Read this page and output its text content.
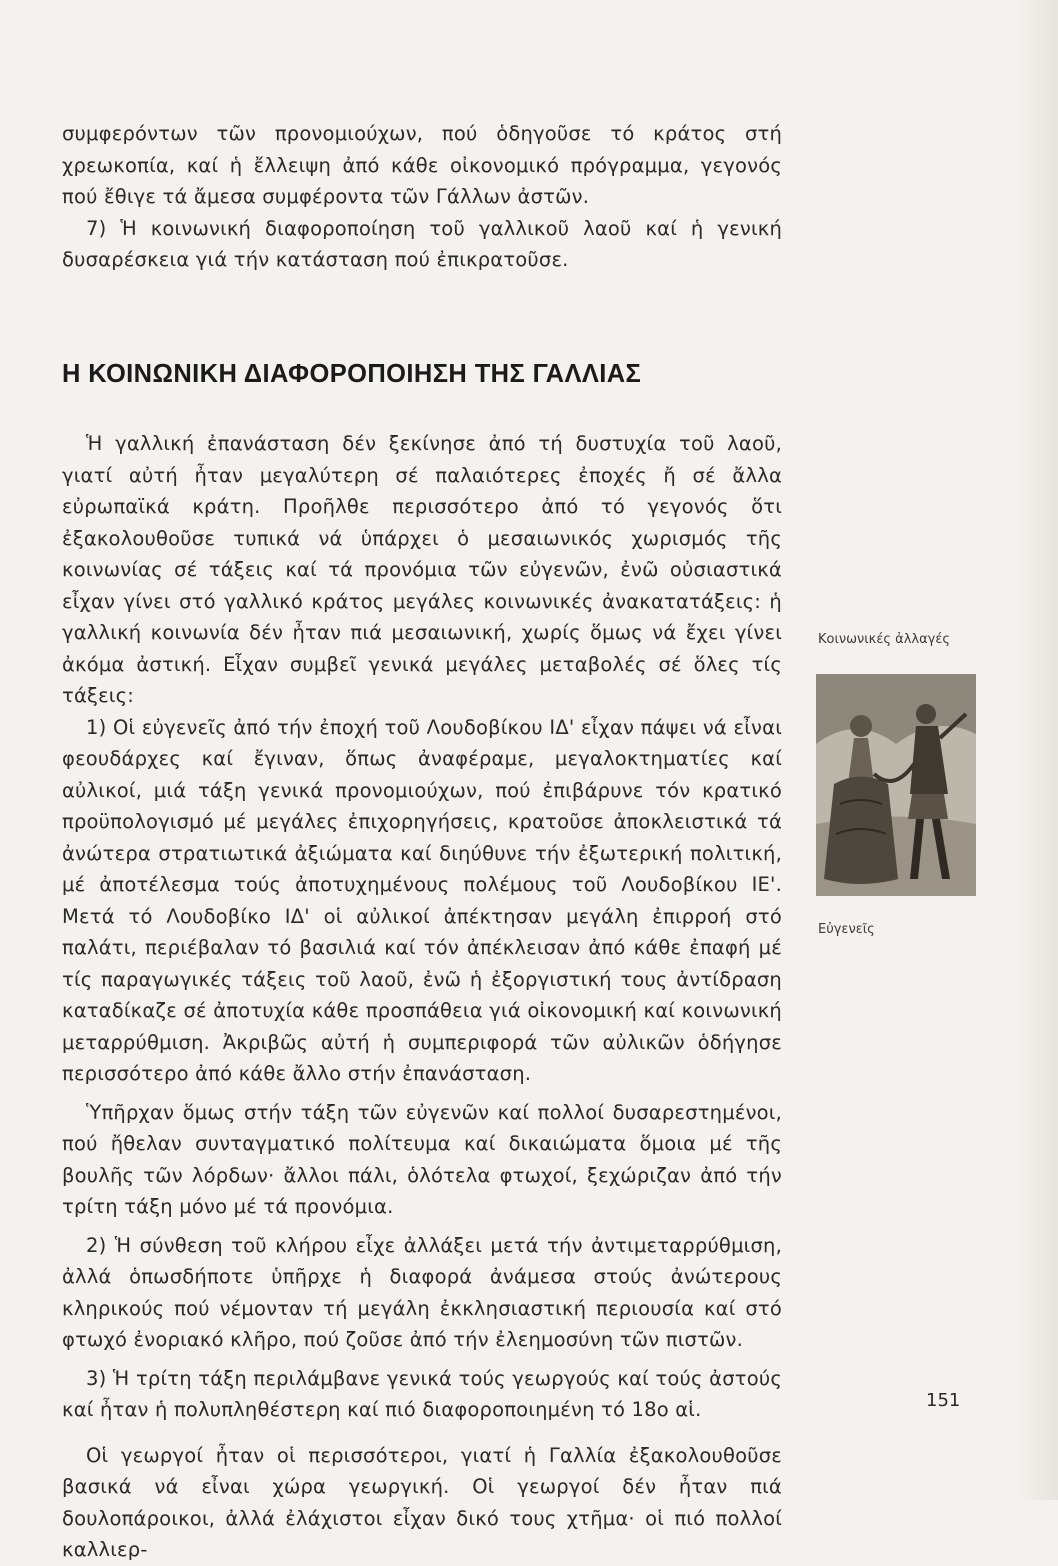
συμφερόντων τῶν προνομιούχων, πού ὁδηγοῦσε τό κράτος στή χρεωκοπία, καί ἡ ἔλλειψη ἀπό κάθε οἰκονομικό πρόγραμμα, γεγονός πού ἔθιγε τά ἄμεσα συμφέροντα τῶν Γάλλων ἀστῶν.

7) Ἡ κοινωνική διαφοροποίηση τοῦ γαλλικοῦ λαοῦ καί ἡ γενική δυσαρέσκεια γιά τήν κατάσταση πού ἐπικρατοῦσε.

Η ΚΟΙΝΩΝΙΚΗ ΔΙΑΦΟΡΟΠΟΙΗΣΗ ΤΗΣ ΓΑΛΛΙΑΣ

Ἡ γαλλική ἐπανάσταση δέν ξεκίνησε ἀπό τή δυστυχία τοῦ λαοῦ, γιατί αὐτή ἦταν μεγαλύτερη σέ παλαιότερες ἐποχές ἤ σέ ἄλλα εὐρωπαϊκά κράτη. Προῆλθε περισσότερο ἀπό τό γεγονός ὅτι ἐξακολουθοῦσε τυπικά νά ὑπάρχει ὁ μεσαιωνικός χωρισμός τῆς κοινωνίας σέ τάξεις καί τά προνόμια τῶν εὐγενῶν, ἐνῶ οὐσιαστικά εἶχαν γίνει στό γαλλικό κράτος μεγάλες κοινωνικές ἀνακατατάξεις: ἡ γαλλική κοινωνία δέν ἦταν πιά μεσαιωνική, χωρίς ὅμως νά ἔχει γίνει ἀκόμα ἀστική. Εἶχαν συμβεῖ γενικά μεγάλες μεταβολές σέ ὅλες τίς τάξεις:

1) Οἱ εὐγενεῖς ἀπό τήν ἐποχή τοῦ Λουδοβίκου ΙΔ' εἶχαν πάψει νά εἶναι φεουδάρχες καί ἔγιναν, ὅπως ἀναφέραμε, μεγαλοκτηματίες καί αὐλικοί, μιά τάξη γενικά προνομιούχων, πού ἐπιβάρυνε τόν κρατικό προϋπολογισμό μέ μεγάλες ἐπιχορηγήσεις, κρατοῦσε ἀποκλειστικά τά ἀνώτερα στρατιωτικά ἀξιώματα καί διηύθυνε τήν ἐξωτερική πολιτική, μέ ἀποτέλεσμα τούς ἀποτυχημένους πολέμους τοῦ Λουδοβίκου ΙΕ'. Μετά τό Λουδοβίκο ΙΔ' οἱ αὐλικοί ἀπέκτησαν μεγάλη ἐπιρροή στό παλάτι, περιέβαλαν τό βασιλιά καί τόν ἀπέκλεισαν ἀπό κάθε ἐπαφή μέ τίς παραγωγικές τάξεις τοῦ λαοῦ, ἐνῶ ἡ ἐξοργιστική τους ἀντίδραση καταδίκαζε σέ ἀποτυχία κάθε προσπάθεια γιά οἰκονομική καί κοινωνική μεταρρύθμιση. Ἀκριβῶς αὐτή ἡ συμπεριφορά τῶν αὐλικῶν ὁδήγησε περισσότερο ἀπό κάθε ἄλλο στήν ἐπανάσταση.

Ὑπῆρχαν ὅμως στήν τάξη τῶν εὐγενῶν καί πολλοί δυσαρεστημένοι, πού ἤθελαν συνταγματικό πολίτευμα καί δικαιώματα ὅμοια μέ τῆς βουλῆς τῶν λόρδων· ἄλλοι πάλι, ὁλότελα φτωχοί, ξεχώριζαν ἀπό τήν τρίτη τάξη μόνο μέ τά προνόμια.

2) Ἡ σύνθεση τοῦ κλήρου εἶχε ἀλλάξει μετά τήν ἀντιμεταρρύθμιση, ἀλλά ὁπωσδήποτε ὑπῆρχε ἡ διαφορά ἀνάμεσα στούς ἀνώτερους κληρικούς πού νέμονταν τή μεγάλη ἐκκλησιαστική περιουσία καί στό φτωχό ἐνοριακό κλῆρο, πού ζοῦσε ἀπό τήν ἐλεημοσύνη τῶν πιστῶν.

3) Ἡ τρίτη τάξη περιλάμβανε γενικά τούς γεωργούς καί τούς ἀστούς καί ἦταν ἡ πολυπληθέστερη καί πιό διαφοροποιημένη τό 18ο αἱ.

Οἱ γεωργοί ἦταν οἱ περισσότεροι, γιατί ἡ Γαλλία ἐξακολουθοῦσε βασικά νά εἶναι χώρα γεωργική. Οἱ γεωργοί δέν ἦταν πιά δουλοπάροικοι, ἀλλά ἐλάχιστοι εἶχαν δικό τους χτῆμα· οἱ πιό πολλοί καλλιερ-

Κοινωνικές ἀλλαγές
Εὐγενεῖς
151
